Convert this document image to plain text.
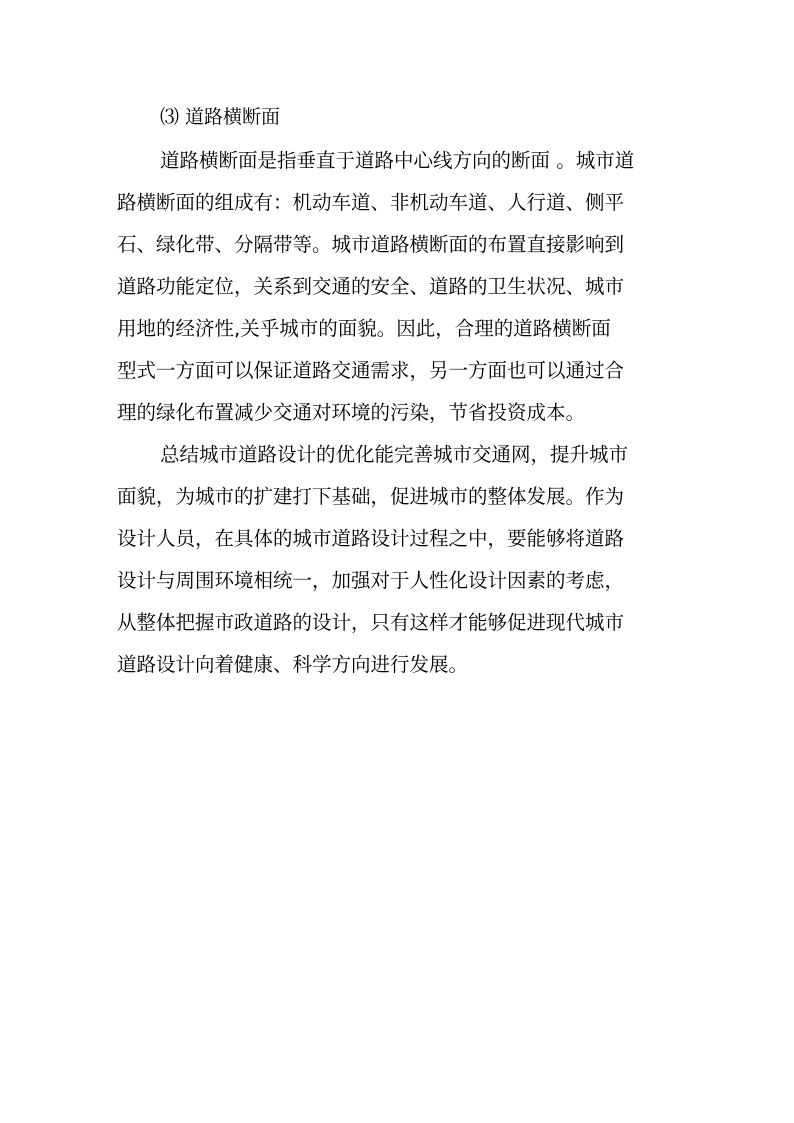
⑶ 道路横断面
道路横断面是指垂直于道路中心线方向的断面 。城市道
路横断面的组成有：机动车道、非机动车道、人行道、侧平
石、绿化带、分隔带等。城市道路横断面的布置直接影响到
道路功能定位，关系到交通的安全、道路的卫生状况、城市
用地的经济性,关乎城市的面貌。因此，合理的道路横断面
型式一方面可以保证道路交通需求，另一方面也可以通过合
理的绿化布置减少交通对环境的污染，节省投资成本。
总结城市道路设计的优化能完善城市交通网，提升城市
面貌，为城市的扩建打下基础，促进城市的整体发展。作为
设计人员，在具体的城市道路设计过程之中，要能够将道路
设计与周围环境相统一，加强对于人性化设计因素的考虑，
从整体把握市政道路的设计，只有这样才能够促进现代城市
道路设计向着健康、科学方向进行发展。
